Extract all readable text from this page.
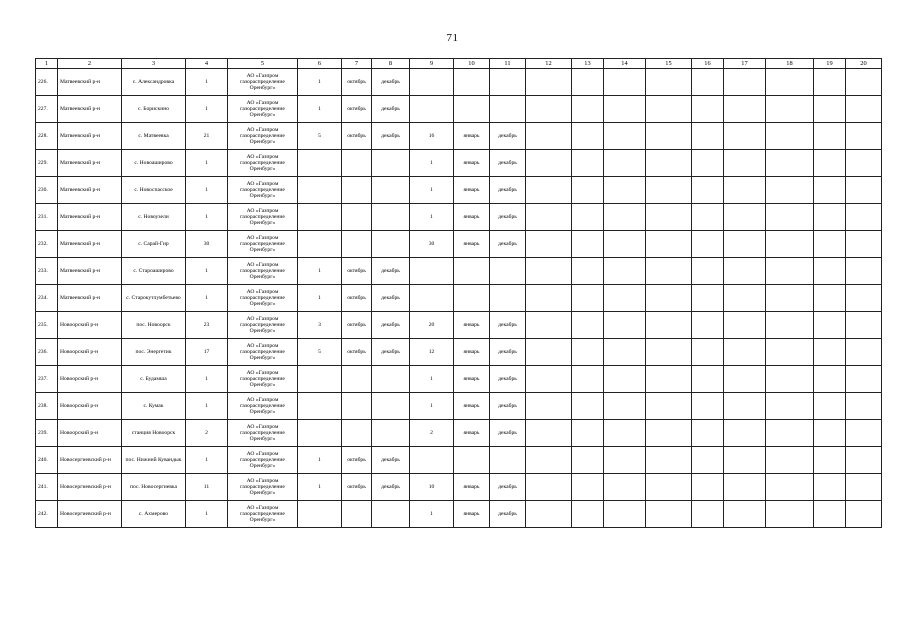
71
1	2	3	4	5	6	7	8	9	10	11	12	13	14	15	16	17	18	19	20
226.	Матвеевский р-н	с. Александровка	1	АО «Газпром газораспределение Оренбург»	1	октябрь	декабрь												
227.	Матвеевский р-н	с. Борискино	1	АО «Газпром газораспределение Оренбург»	1	октябрь	декабрь												
228.	Матвеевский р-н	с. Матвеевка	21	АО «Газпром газораспределение Оренбург»	5	октябрь	декабрь	16	январь	декабрь									
229.	Матвеевский р-н	с. Новоаширово	1	АО «Газпром газораспределение Оренбург»				1	январь	декабрь									
230.	Матвеевский р-н	с. Новоспасское	1	АО «Газпром газораспределение Оренбург»				1	январь	декабрь									
231.	Матвеевский р-н	с. Новоузели	1	АО «Газпром газораспределение Оренбург»				1	январь	декабрь									
232.	Матвеевский р-н	с. Сарай-Гир	30	АО «Газпром газораспределение Оренбург»				30	январь	декабрь									
233.	Матвеевский р-н	с. Староаширово	1	АО «Газпром газораспределение Оренбург»	1	октябрь	декабрь												
234.	Матвеевский р-н	с. Старокутлумбетьево	1	АО «Газпром газораспределение Оренбург»	1	октябрь	декабрь												
235.	Новоорский р-н	пос. Новоорск	23	АО «Газпром газораспределение Оренбург»	3	октябрь	декабрь	20	январь	декабрь									
236.	Новоорский р-н	пос. Энергетик	17	АО «Газпром газораспределение Оренбург»	5	октябрь	декабрь	12	январь	декабрь									
237.	Новоорский р-н	с. Будамша	1	АО «Газпром газораспределение Оренбург»				1	январь	декабрь									
238.	Новоорский р-н	с. Кумак	1	АО «Газпром газораспределение Оренбург»				1	январь	декабрь									
239.	Новоорский р-н	станция Новоорск	2	АО «Газпром газораспределение Оренбург»				2	январь	декабрь									
240.	Новосергиевский р-н	пос. Нижний Кувандык	1	АО «Газпром газораспределение Оренбург»	1	октябрь	декабрь												
241.	Новосергиевский р-н	пос. Новосергиевка	11	АО «Газпром газораспределение Оренбург»	1	октябрь	декабрь	10	январь	декабрь									
242.	Новосергиевский р-н	с. Ахмерово	1	АО «Газпром газораспределение Оренбург»				1	январь	декабрь									
